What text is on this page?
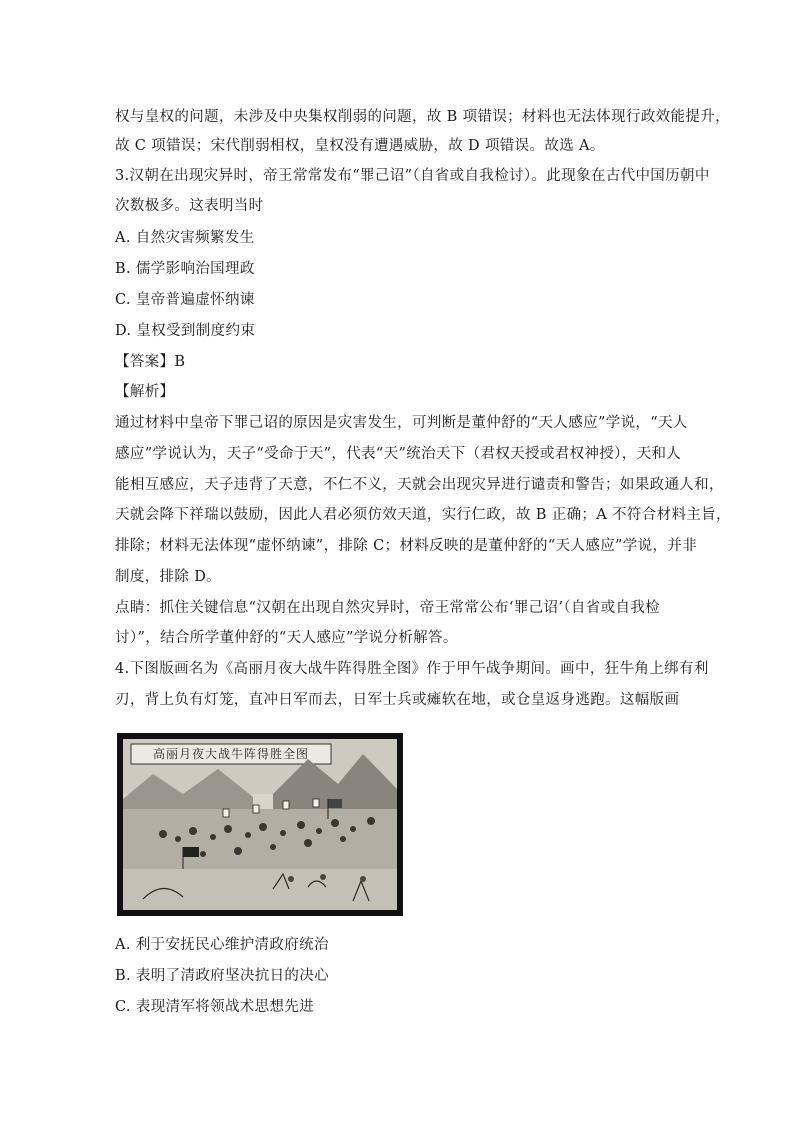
权与皇权的问题，未涉及中央集权削弱的问题，故 B 项错误；材料也无法体现行政效能提升，
故 C 项错误；宋代削弱相权，皇权没有遭遇威胁，故 D 项错误。故选 A。
3.汉朝在出现灾异时，帝王常常发布“罪己诏”（自省或自我检讨）。此现象在古代中国历朝中
次数极多。这表明当时
A. 自然灾害频繁发生
B. 儒学影响治国理政
C. 皇帝普遍虚怀纳谏
D. 皇权受到制度约束
【答案】B
【解析】
通过材料中皇帝下罪己诏的原因是灾害发生，可判断是董仲舒的“天人感应”学说，“天人
感应”学说认为，天子“受命于天”，代表“天”统治天下（君权天授或君权神授），天和人
能相互感应，天子违背了天意，不仁不义，天就会出现灾异进行谴责和警告；如果政通人和，
天就会降下祥瑞以鼓励，因此人君必须仿效天道，实行仁政，故 B 正确；A 不符合材料主旨，
排除；材料无法体现“虚怀纳谏”，排除 C；材料反映的是董仲舒的“天人感应”学说，并非
制度，排除 D。
点睛：抓住关键信息“汉朝在出现自然灾异时，帝王常常公布‘罪己诏’（自省或自我检
讨）”，结合所学董仲舒的“天人感应”学说分析解答。
4.下图版画名为《高丽月夜大战牛阵得胜全图》作于甲午战争期间。画中，狂牛角上绑有利
刃，背上负有灯笼，直冲日军而去，日军士兵或瘫软在地，或仓皇返身逃跑。这幅版画
高丽月夜大战牛阵得胜全图
A. 利于安抚民心维护清政府统治
B. 表明了清政府坚决抗日的决心
C. 表现清军将领战术思想先进
